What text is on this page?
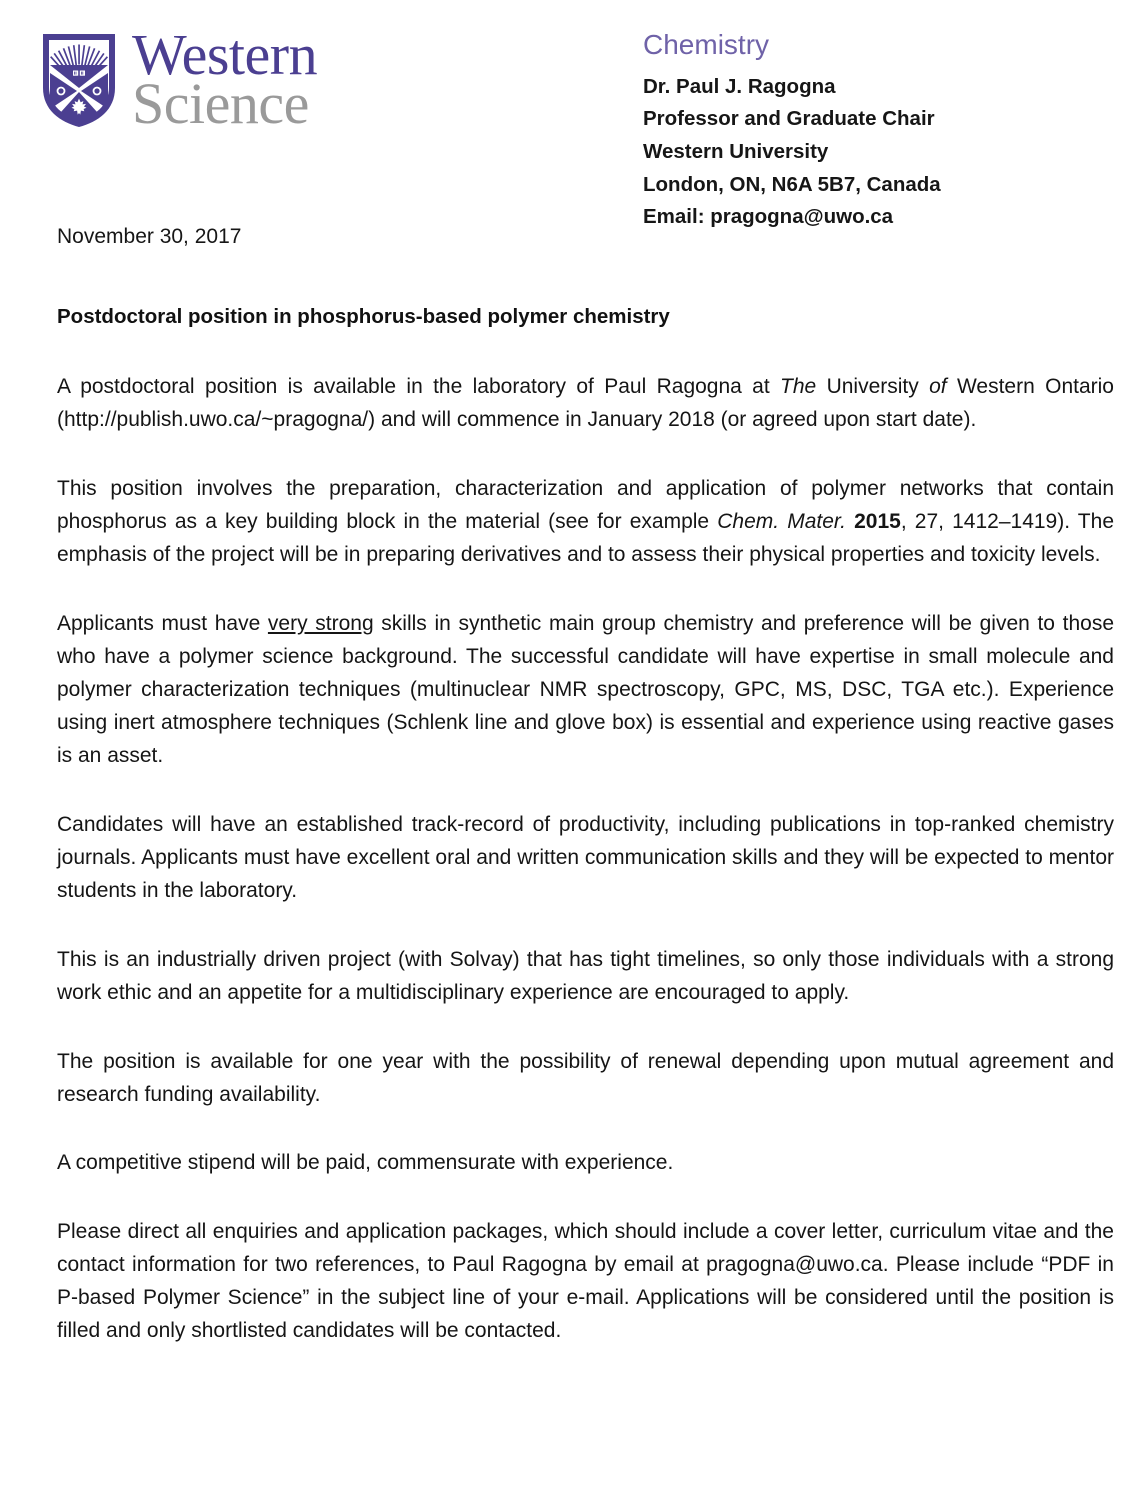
Western
Science
Chemistry
Dr. Paul J. Ragogna
Professor and Graduate Chair
Western University
London, ON, N6A 5B7, Canada
Email: pragogna@uwo.ca
November 30, 2017
Postdoctoral position in phosphorus-based polymer chemistry

A postdoctoral position is available in the laboratory of Paul Ragogna at The University of Western Ontario (http://publish.uwo.ca/~pragogna/) and will commence in January 2018 (or agreed upon start date).

This position involves the preparation, characterization and application of polymer networks that contain phosphorus as a key building block in the material (see for example Chem. Mater. 2015, 27, 1412–1419). The emphasis of the project will be in preparing derivatives and to assess their physical properties and toxicity levels.

Applicants must have very strong skills in synthetic main group chemistry and preference will be given to those who have a polymer science background. The successful candidate will have expertise in small molecule and polymer characterization techniques (multinuclear NMR spectroscopy, GPC, MS, DSC, TGA etc.). Experience using inert atmosphere techniques (Schlenk line and glove box) is essential and experience using reactive gases is an asset.

Candidates will have an established track-record of productivity, including publications in top-ranked chemistry journals. Applicants must have excellent oral and written communication skills and they will be expected to mentor students in the laboratory.

This is an industrially driven project (with Solvay) that has tight timelines, so only those individuals with a strong work ethic and an appetite for a multidisciplinary experience are encouraged to apply.

The position is available for one year with the possibility of renewal depending upon mutual agreement and research funding availability.

A competitive stipend will be paid, commensurate with experience.

Please direct all enquiries and application packages, which should include a cover letter, curriculum vitae and the contact information for two references, to Paul Ragogna by email at pragogna@uwo.ca. Please include “PDF in P-based Polymer Science” in the subject line of your e-mail. Applications will be considered until the position is filled and only shortlisted candidates will be contacted.
